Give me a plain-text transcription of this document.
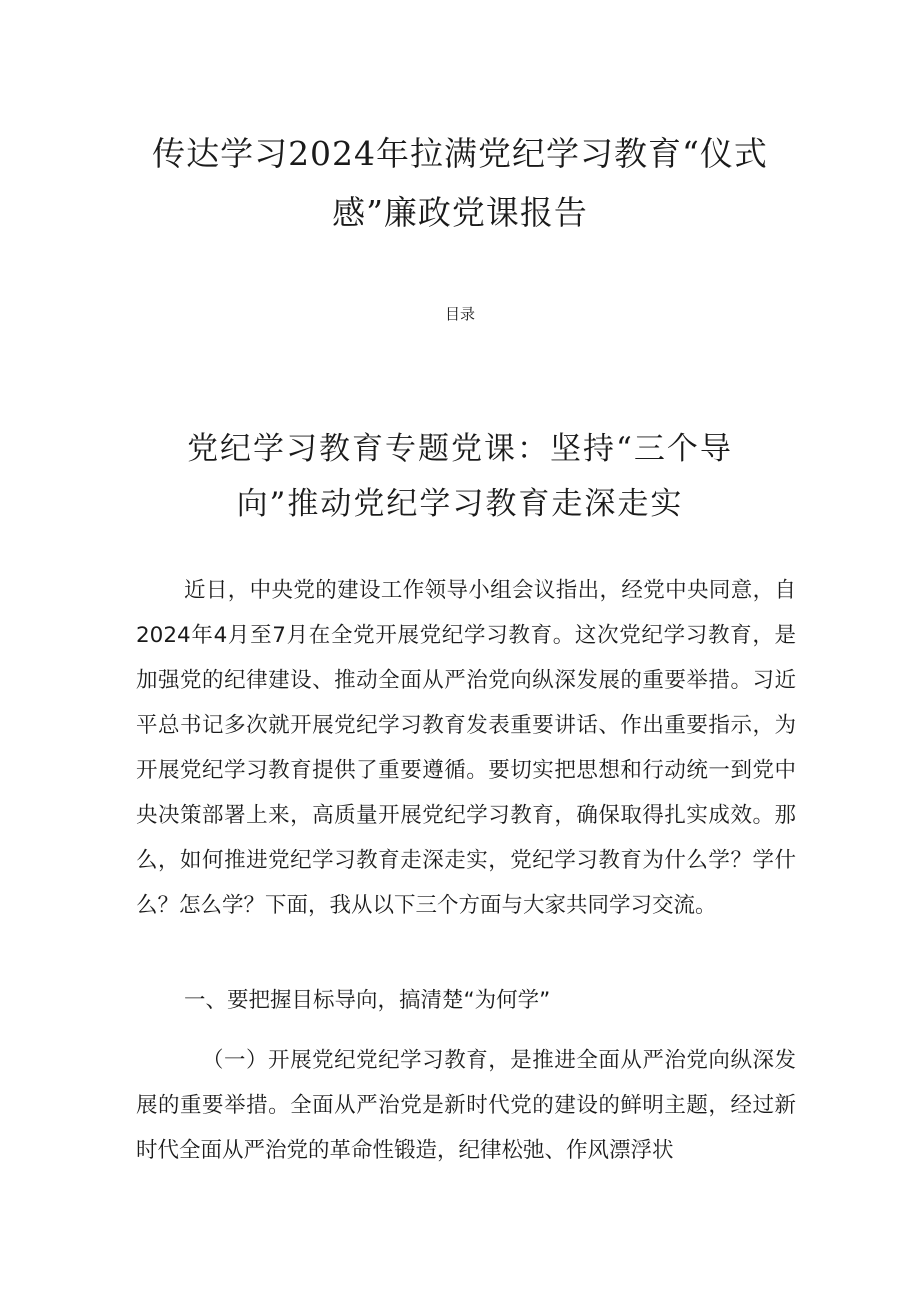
传达学习2024年拉满党纪学习教育“仪式感”廉政党课报告
目录
党纪学习教育专题党课：坚持“三个导向”推动党纪学习教育走深走实

近日，中央党的建设工作领导小组会议指出，经党中央同意，自2024年4月至7月在全党开展党纪学习教育。这次党纪学习教育，是加强党的纪律建设、推动全面从严治党向纵深发展的重要举措。习近平总书记多次就开展党纪学习教育发表重要讲话、作出重要指示，为开展党纪学习教育提供了重要遵循。要切实把思想和行动统一到党中央决策部署上来，高质量开展党纪学习教育，确保取得扎实成效。那么，如何推进党纪学习教育走深走实，党纪学习教育为什么学？学什么？怎么学？下面，我从以下三个方面与大家共同学习交流。

一、要把握目标导向，搞清楚“为何学”

（一）开展党纪党纪学习教育，是推进全面从严治党向纵深发展的重要举措。全面从严治党是新时代党的建设的鲜明主题，经过新时代全面从严治党的革命性锻造，纪律松弛、作风漂浮状
